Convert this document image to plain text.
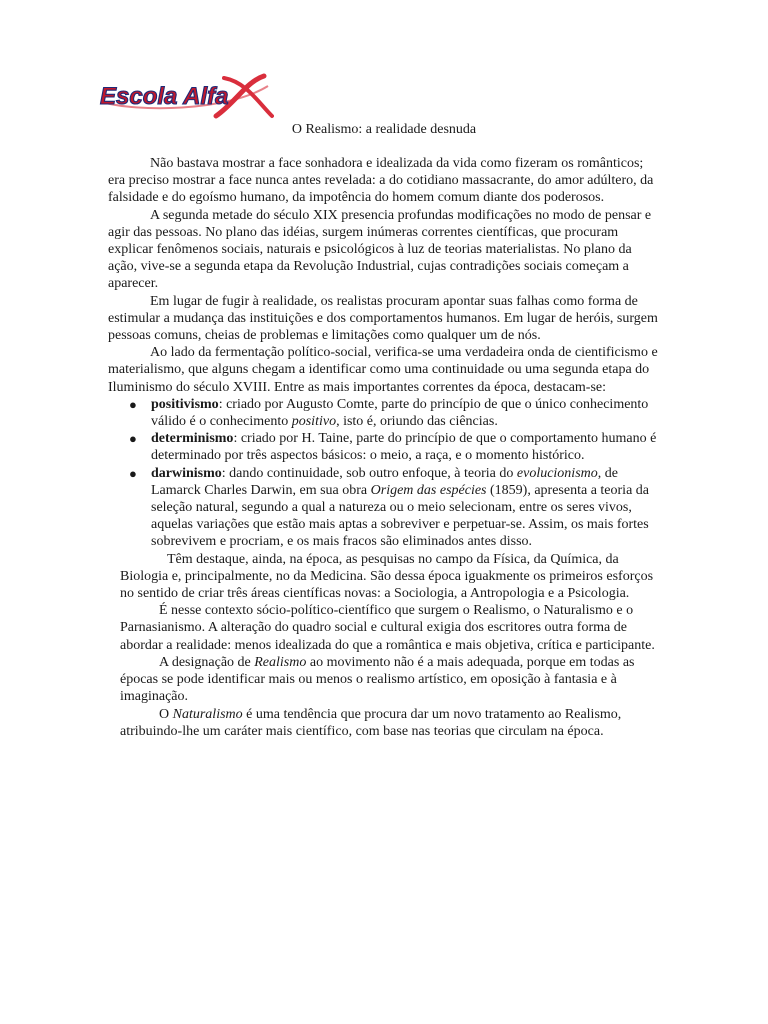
Escola Alfa
O Realismo: a realidade desnuda

Não bastava mostrar a face sonhadora e idealizada da vida como fizeram os românticos; era preciso mostrar a face nunca antes revelada: a do cotidiano massacrante, do amor adúltero, da falsidade e do egoísmo humano, da impotência do homem comum diante dos poderosos.

A segunda metade do século XIX presencia profundas modificações no modo de pensar e agir das pessoas. No plano das idéias, surgem inúmeras correntes científicas, que procuram explicar fenômenos sociais, naturais e psicológicos à luz de teorias materialistas. No plano da ação, vive-se a segunda etapa da Revolução Industrial, cujas contradições sociais começam a aparecer.

Em lugar de fugir à realidade, os realistas procuram apontar suas falhas como forma de estimular a mudança das instituições e dos comportamentos humanos. Em lugar de heróis, surgem pessoas comuns, cheias de problemas e limitações como qualquer um de nós.

Ao lado da fermentação político-social, verifica-se uma verdadeira onda de cientificismo e materialismo, que alguns chegam a identificar como uma continuidade ou uma segunda etapa do Iluminismo do século XVIII. Entre as mais importantes correntes da época, destacam-se:

● positivismo: criado por Augusto Comte, parte do princípio de que o único conhecimento válido é o conhecimento positivo, isto é, oriundo das ciências.
● determinismo: criado por H. Taine, parte do princípio de que o comportamento humano é determinado por três aspectos básicos: o meio, a raça, e o momento histórico.
● darwinismo: dando continuidade, sob outro enfoque, à teoria do evolucionismo, de Lamarck Charles Darwin, em sua obra Origem das espécies (1859), apresenta a teoria da seleção natural, segundo a qual a natureza ou o meio selecionam, entre os seres vivos, aquelas variações que estão mais aptas a sobreviver e perpetuar-se. Assim, os mais fortes sobrevivem e procriam, e os mais fracos são eliminados antes disso.

Têm destaque, ainda, na época, as pesquisas no campo da Física, da Química, da Biologia e, principalmente, no da Medicina. São dessa época iguakmente os primeiros esforços no sentido de criar três áreas científicas novas: a Sociologia, a Antropologia e a Psicologia.

É nesse contexto sócio-político-científico que surgem o Realismo, o Naturalismo e o Parnasianismo. A alteração do quadro social e cultural exigia dos escritores outra forma de abordar a realidade: menos idealizada do que a romântica e mais objetiva, crítica e participante.

A designação de Realismo ao movimento não é a mais adequada, porque em todas as épocas se pode identificar mais ou menos o realismo artístico, em oposição à fantasia e à imaginação.

O Naturalismo é uma tendência que procura dar um novo tratamento ao Realismo, atribuindo-lhe um caráter mais científico, com base nas teorias que circulam na época.
